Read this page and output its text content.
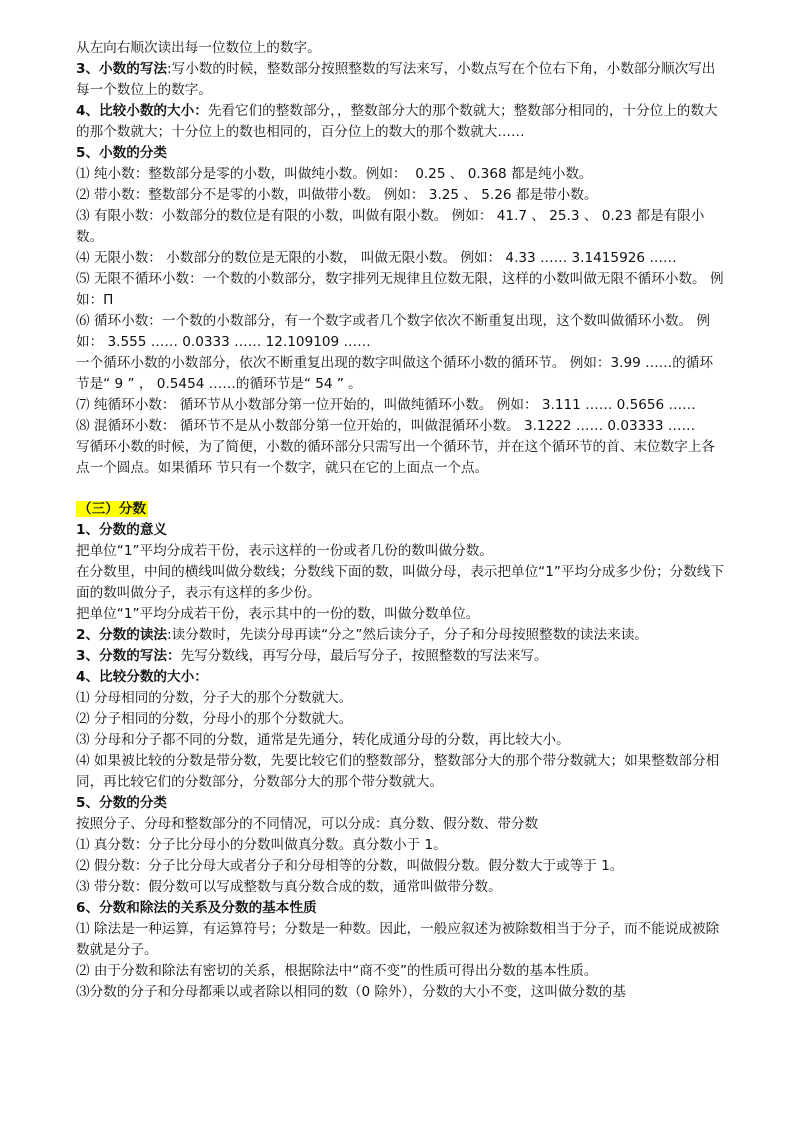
从左向右顺次读出每一位数位上的数字。

3、小数的写法:写小数的时候，整数部分按照整数的写法来写，小数点写在个位右下角，小数部分顺次写出每一个数位上的数字。

4、比较小数的大小：先看它们的整数部分，，整数部分大的那个数就大；整数部分相同的，十分位上的数大的那个数就大；十分位上的数也相同的，百分位上的数大的那个数就大……

5、小数的分类

⑴ 纯小数：整数部分是零的小数，叫做纯小数。例如：  0.25 、 0.368 都是纯小数。

⑵ 带小数：整数部分不是零的小数，叫做带小数。 例如： 3.25 、 5.26 都是带小数。

⑶ 有限小数：小数部分的数位是有限的小数，叫做有限小数。 例如： 41.7 、 25.3 、 0.23 都是有限小数。

⑷ 无限小数： 小数部分的数位是无限的小数， 叫做无限小数。 例如： 4.33 …… 3.1415926 ……

⑸ 无限不循环小数：一个数的小数部分，数字排列无规律且位数无限，这样的小数叫做无限不循环小数。 例如：Π

⑹ 循环小数：一个数的小数部分，有一个数字或者几个数字依次不断重复出现，这个数叫做循环小数。 例如： 3.555 …… 0.0333 …… 12.109109 ……

一个循环小数的小数部分，依次不断重复出现的数字叫做这个循环小数的循环节。 例如：3.99 ……的循环节是“ 9 ” ， 0.5454 ……的循环节是“ 54 ” 。

⑺ 纯循环小数： 循环节从小数部分第一位开始的，叫做纯循环小数。 例如： 3.111 …… 0.5656 ……

⑻ 混循环小数： 循环节不是从小数部分第一位开始的，叫做混循环小数。 3.1222 …… 0.03333 ……

写循环小数的时候，为了简便，小数的循环部分只需写出一个循环节，并在这个循环节的首、末位数字上各点一个圆点。如果循环 节只有一个数字，就只在它的上面点一个点。

（三）分数

1、分数的意义

把单位“1”平均分成若干份，表示这样的一份或者几份的数叫做分数。

在分数里，中间的横线叫做分数线；分数线下面的数，叫做分母，表示把单位“1”平均分成多少份；分数线下面的数叫做分子，表示有这样的多少份。

把单位“1”平均分成若干份，表示其中的一份的数，叫做分数单位。

2、分数的读法:读分数时，先读分母再读“分之”然后读分子，分子和分母按照整数的读法来读。

3、分数的写法：先写分数线，再写分母，最后写分子，按照整数的写法来写。

4、比较分数的大小：

⑴ 分母相同的分数，分子大的那个分数就大。

⑵ 分子相同的分数，分母小的那个分数就大。

⑶ 分母和分子都不同的分数，通常是先通分，转化成通分母的分数，再比较大小。

⑷ 如果被比较的分数是带分数，先要比较它们的整数部分，整数部分大的那个带分数就大；如果整数部分相同，再比较它们的分数部分，分数部分大的那个带分数就大。

5、分数的分类

按照分子、分母和整数部分的不同情况，可以分成：真分数、假分数、带分数

⑴ 真分数：分子比分母小的分数叫做真分数。真分数小于 1。

⑵ 假分数：分子比分母大或者分子和分母相等的分数，叫做假分数。假分数大于或等于 1。

⑶ 带分数：假分数可以写成整数与真分数合成的数，通常叫做带分数。

6、分数和除法的关系及分数的基本性质

⑴ 除法是一种运算，有运算符号；分数是一种数。因此，一般应叙述为被除数相当于分子，而不能说成被除数就是分子。

⑵ 由于分数和除法有密切的关系，根据除法中“商不变”的性质可得出分数的基本性质。

⑶分数的分子和分母都乘以或者除以相同的数（0 除外），分数的大小不变，这叫做分数的基
